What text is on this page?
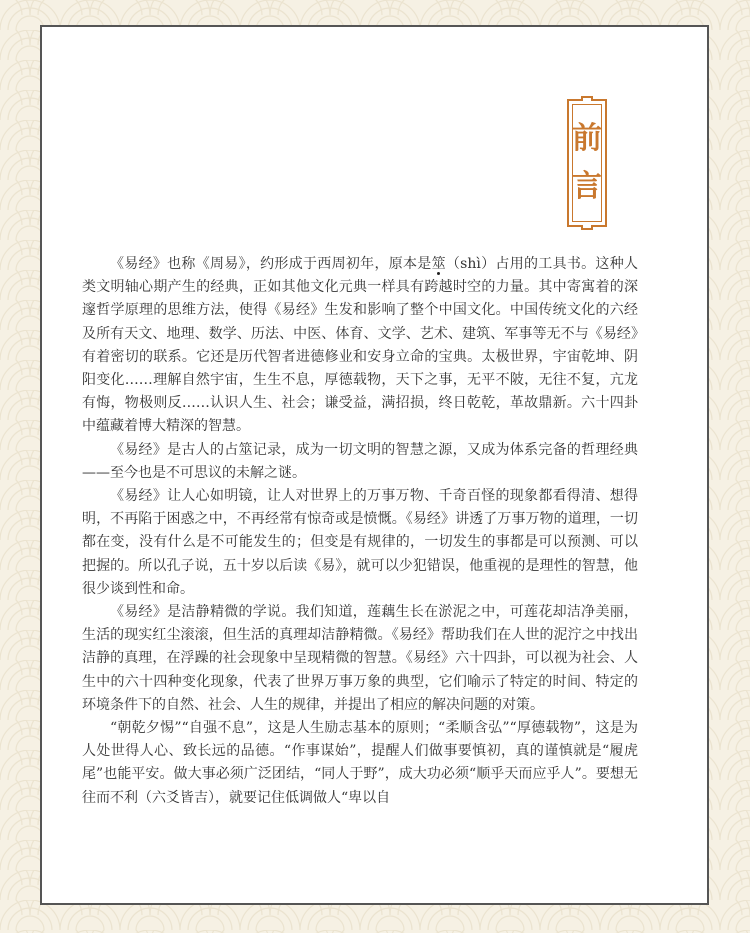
前
言

《易经》也称《周易》，约形成于西周初年，原本是筮（shì）占用的工具书。这种人类文明轴心期产生的经典，正如其他文化元典一样具有跨越时空的力量。其中寄寓着的深邃哲学原理的思维方法，使得《易经》生发和影响了整个中国文化。中国传统文化的六经及所有天文、地理、数学、历法、中医、体育、文学、艺术、建筑、军事等无不与《易经》有着密切的联系。它还是历代智者进德修业和安身立命的宝典。太极世界，宇宙乾坤、阴阳变化……理解自然宇宙，生生不息，厚德载物，天下之事，无平不陂，无往不复，亢龙有悔，物极则反……认识人生、社会；谦受益，满招损，终日乾乾，革故鼎新。六十四卦中蕴藏着博大精深的智慧。

《易经》是古人的占筮记录，成为一切文明的智慧之源，又成为体系完备的哲理经典——至今也是不可思议的未解之谜。

《易经》让人心如明镜，让人对世界上的万事万物、千奇百怪的现象都看得清、想得明，不再陷于困惑之中，不再经常有惊奇或是愤慨。《易经》讲透了万事万物的道理，一切都在变，没有什么是不可能发生的；但变是有规律的，一切发生的事都是可以预测、可以把握的。所以孔子说，五十岁以后读《易》，就可以少犯错误，他重视的是理性的智慧，他很少谈到性和命。

《易经》是洁静精微的学说。我们知道，莲藕生长在淤泥之中，可莲花却洁净美丽，生活的现实红尘滚滚，但生活的真理却洁静精微。《易经》帮助我们在人世的泥泞之中找出洁静的真理，在浮躁的社会现象中呈现精微的智慧。《易经》六十四卦，可以视为社会、人生中的六十四种变化现象，代表了世界万事万象的典型，它们喻示了特定的时间、特定的环境条件下的自然、社会、人生的规律，并提出了相应的解决问题的对策。

“朝乾夕惕”“自强不息”，这是人生励志基本的原则；“柔顺含弘”“厚德载物”，这是为人处世得人心、致长远的品德。“作事谋始”，提醒人们做事要慎初，真的谨慎就是“履虎尾”也能平安。做大事必须广泛团结，“同人于野”，成大功必须“顺乎天而应乎人”。要想无往而不利（六爻皆吉），就要记住低调做人“卑以自
